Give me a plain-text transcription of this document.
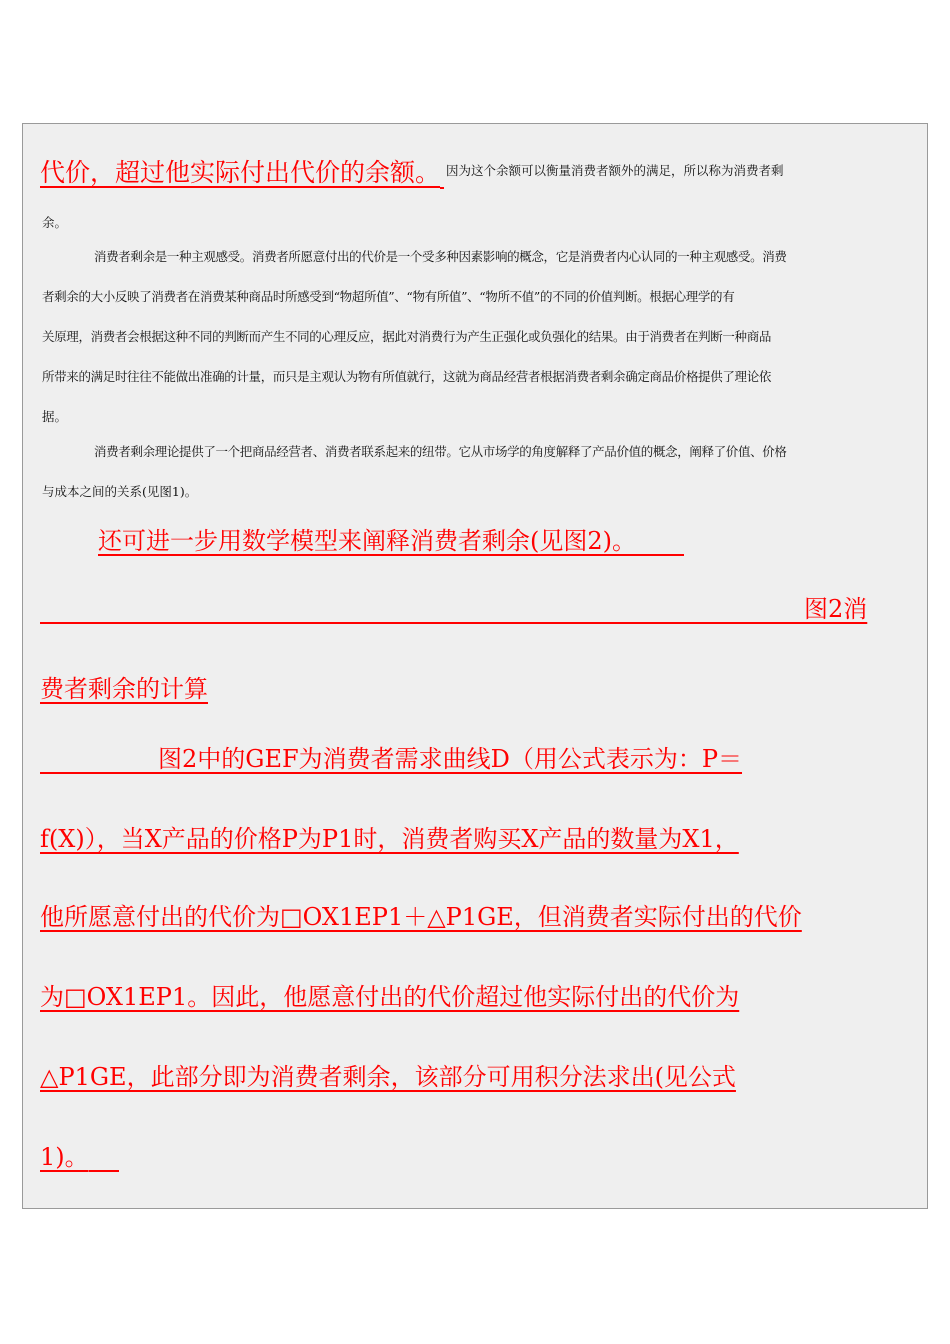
代价，超过他实际付出代价的余额。 $^{因为这个余额可以衡量消费者额外的满足,所以称为消费者剩}$
余。
消费者剩余是一种主观感受。消费者所愿意付出的代价是一个受多种因素影响的概念，它是消费者内心认同的一种主观感受。消费
者剩余的大小反映了消费者在消费某种商品时所感受到“物超所值”、“物有所值”、“物所不值”的不同的价值判断。根据心理学的有
关原理，消费者会根据这种不同的判断而产生不同的心理反应，据此对消费行为产生正强化或负强化的结果。由于消费者在判断一种商品
所带来的满足时往往不能做出准确的计量，而只是主观认为物有所值就行，这就为商品经营者根据消费者剩余确定商品价格提供了理论依
据。
消费者剩余理论提供了一个把商品经营者、消费者联系起来的纽带。它从市场学的角度解释了产品价值的概念，阐释了价值、价格
与成本之间的关系(见图1)。
还可进一步用数学模型来阐释消费者剩余(见图2)。
图2消
费者剩余的计算
图2中的GEF为消费者需求曲线D（用公式表示为：P＝
f(X)），当X产品的价格P为P1时，消费者购买X产品的数量为X1，
他所愿意付出的代价为□OX1EP1＋△P1GE，但消费者实际付出的代价
为□OX1EP1。因此，他愿意付出的代价超过他实际付出的代价为
△P1GE，此部分即为消费者剩余，该部分可用积分法求出(见公式
1)。
